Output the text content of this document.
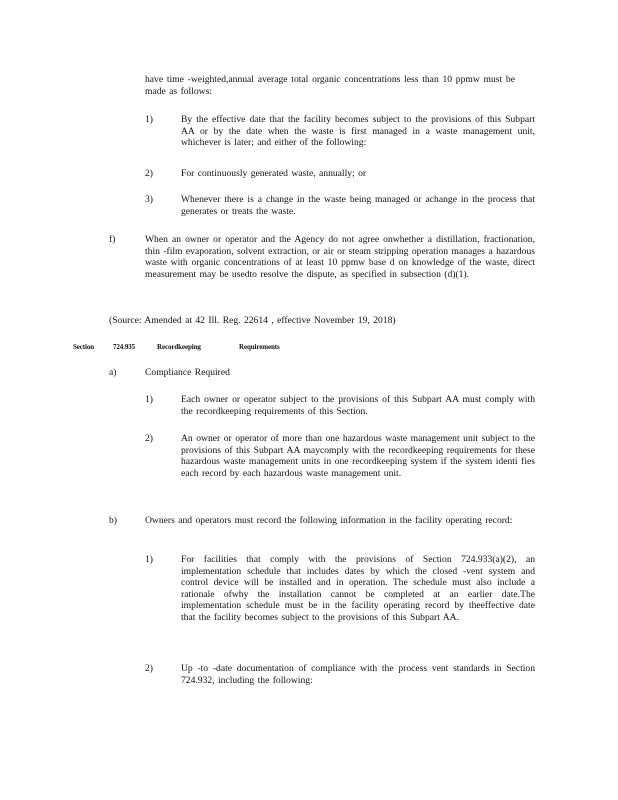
have time -weighted,annual average total organic concentrations less than 10 ppmw must be made as follows:

1)	By the effective date that the facility becomes subject to the provisions of this Subpart AA or by the date when the waste is first managed in a waste management unit, whichever is later; and either of the following:

2)	For continuously generated waste, annually; or

3)	Whenever there is a change in the waste being managed or achange in the process that generates or treats the waste.

f)	When an owner or operator and the Agency do not agree onwhether a distillation, fractionation, thin -film evaporation, solvent extraction, or air or steam stripping operation manages a hazardous waste with organic concentrations of at least 10 ppmw base d on knowledge of the waste, direct measurement may be usedto resolve the dispute, as specified in subsection (d)(1).

(Source: Amended at 42 Ill. Reg. 22614 , effective November 19, 2018)

Section	724.935	Recordkeeping	Requirements
a)	Compliance Required

1)	Each owner or operator subject to the provisions of this Subpart AA must comply with the recordkeeping requirements of this Section.

2)	An owner or operator of more than one hazardous waste management unit subject to the provisions of this Subpart AA maycomply with the recordkeeping requirements for these hazardous waste management units in one recordkeeping system if the system identi fies each record by each hazardous waste management unit.

b)	Owners and operators must record the following information in the facility operating record:

1)	For facilities that comply with the provisions of Section 724.933(a)(2), an implementation schedule that includes dates by which the closed -vent system and control device will be installed and in operation. The schedule must also include a rationale ofwhy the installation cannot be completed at an earlier date.The implementation schedule must be in the facility operating record by theeffective date that the facility becomes subject to the provisions of this Subpart AA.

2)	Up -to -date documentation of compliance with the process vent standards in Section 724.932, including the following:
